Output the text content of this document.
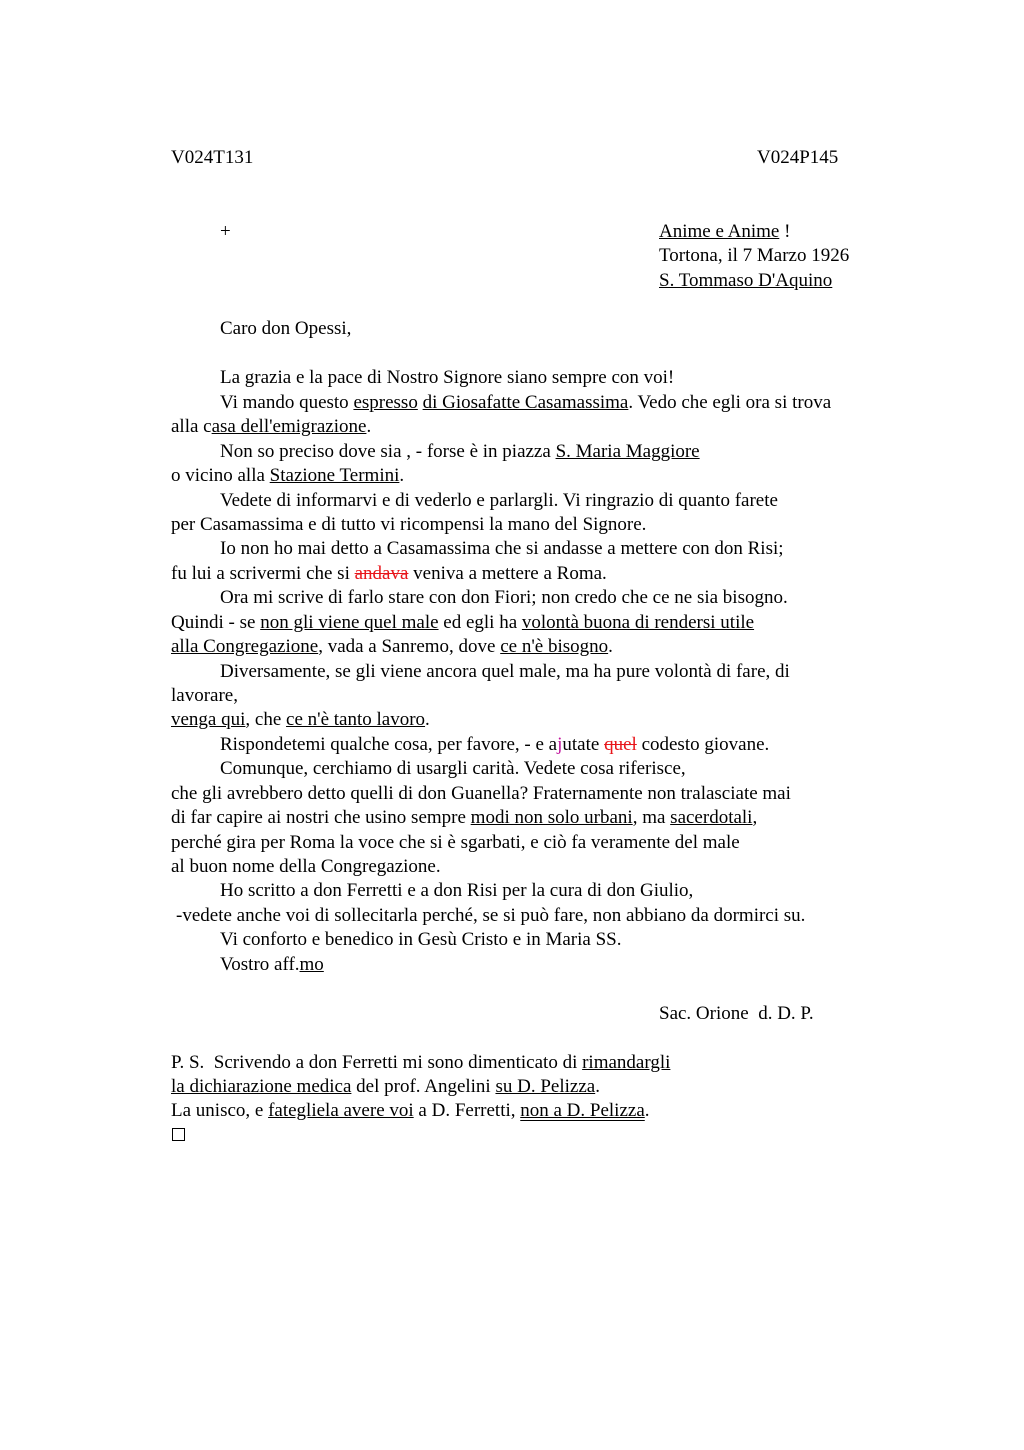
V024T131	V024P145
+	Anime e Anime !
Tortona, il 7 Marzo 1926
S. Tommaso D'Aquino
Caro don Opessi,
La grazia e la pace di Nostro Signore siano sempre con voi!
Vi mando questo espresso di Giosafatte Casamassima. Vedo che egli ora si trova
alla casa dell'emigrazione.
Non so preciso dove sia , - forse è in piazza S. Maria Maggiore
o vicino alla Stazione Termini.
Vedete di informarvi e di vederlo e parlargli. Vi ringrazio di quanto farete
per Casamassima e di tutto vi ricompensi la mano del Signore.
Io non ho mai detto a Casamassima che si andasse a mettere con don Risi;
fu lui a scrivermi che si andava veniva a mettere a Roma.
Ora mi scrive di farlo stare con don Fiori; non credo che ce ne sia bisogno.
Quindi - se non gli viene quel male ed egli ha volontà buona di rendersi utile
alla Congregazione, vada a Sanremo, dove ce n'è bisogno.
Diversamente, se gli viene ancora quel male, ma ha pure volontà di fare, di
lavorare,
venga qui, che ce n'è tanto lavoro.
Rispondetemi qualche cosa, per favore, - e ajutate quel codesto giovane.
Comunque, cerchiamo di usargli carità. Vedete cosa riferisce,
che gli avrebbero detto quelli di don Guanella? Fraternamente non tralasciate mai
di far capire ai nostri che usino sempre modi non solo urbani, ma sacerdotali,
perché gira per Roma la voce che si è sgarbati, e ciò fa veramente del male
al buon nome della Congregazione.
Ho scritto a don Ferretti e a don Risi per la cura di don Giulio,
-vedete anche voi di sollecitarla perché, se si può fare, non abbiano da dormirci su.
Vi conforto e benedico in Gesù Cristo e in Maria SS.
Vostro aff.mo
Sac. Orione  d. D. P.
P. S.  Scrivendo a don Ferretti mi sono dimenticato di rimandargli
la dichiarazione medica del prof. Angelini su D. Pelizza.
La unisco, e fategliela avere voi a D. Ferretti, non a D. Pelizza.
